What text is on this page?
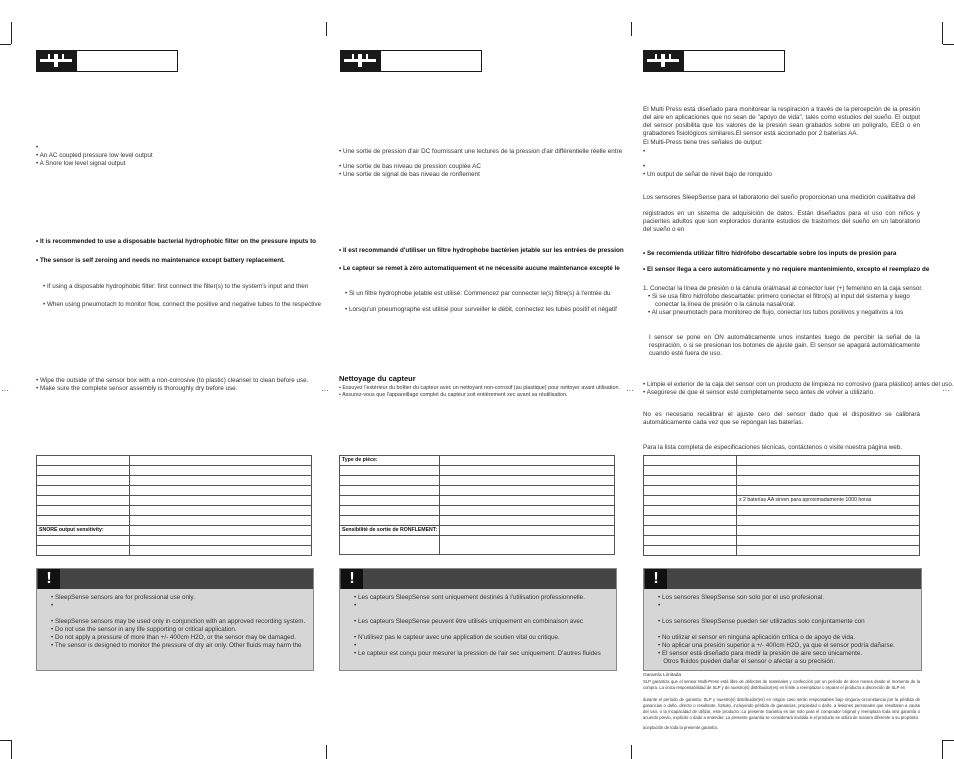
···	···
···	···
•
• An AC coupled pressure low level output
• A Snore low level signal output
• It is recommended to use a disposable bacterial hydrophobic filter on the pressure inputs to
• The sensor is self zeroing and needs no maintenance except battery replacement.
• If using a disposable hydrophobic filter: first connect the filter(s) to the system's input and then
• When using pneumotach to monitor flow, connect the positive and negative tubes to the respective
• Wipe the outside of the sensor box with a non-corrosive (to plastic) cleanser to clean before use.
• Make sure the complete sensor assembly is thoroughly dry before use.

SNORE output sensitivity:	

!
• SleepSense sensors are for professional use only.
•
• SleepSense sensors may be used only in conjunction with an approved recording system.
• Do not use the sensor in any life supporting or critical application.
• Do not apply a pressure of more than +/- 400cm H2O, or the sensor may be damaged.
• The sensor is designed to monitor the pressure of dry air only. Other fluids may harm the
• Une sortie de pression d'air DC fournissant une lectures de la pression d'air différentielle réelle entre
• Une sortie de bas niveau de pression couplée AC
• Une sortie de signal de bas niveau de ronflement
• Il est recommandé d'utiliser un filtre hydrophobe bactérien jetable sur les entrées de pression
• Le capteur se remet à zéro automatiquement et ne nécessite aucune maintenance excepté le
• Si un filtre hydrophobe jetable est utilisé: Commencez par connecter le(s) filtre(s) à l'entrée du
• Lorsqu'un pneumographe est utilisé pour surveiller le débit, connectez les tubes positif et négatif
Nettoyage du capteur
• Essuyez l'extérieur du boîtier du capteur avec un nettoyant non-corrosif (au plastique) pour nettoyer avant utilisation.
• Assurez-vous que l'appareillage complet du capteur soit entièrement sec avant sa réutilisation.
Type de pièce:	

Sensibilité de sortie de RONFLEMENT:	

!
• Les capteurs SleepSense sont uniquement destinés à l'utilisation professionnelle.
•
• Les capteurs SleepSense peuvent être utilisés uniquement en combinaison avec
• N'utilisez pas le capteur avec une application de soutien vital ou critique.
•
• Le capteur est conçu pour mesurer la pression de l'air sec uniquement. D'autres fluides
El Multi Press está diseñado para monitorear la respiración a través de la percepción de la presión del aire en aplicaciones que no sean de "apoyo de vida", tales como estudios del sueño. El output del sensor posibilita que los valores de la presión sean grabados sobre un polígrafo, EEG o en grabadores fisiológicos similares.El sensor está accionado por 2 baterías AA.
El Multi-Press tiene tres señales de output:
•
•
• Un output de señal de nivel bajo de ronquido
Los sensores SleepSense para el laboratorio del sueño proporcionan una medición cualitativa del
registrados en un sistema de adquisición de datos. Están diseñados para el uso con niños y pacientes adultos que son explorados durante estudios de trastornos del sueño en un laboratorio del sueño o en
• Se recomienda utilizar filtro hidrófobo descartable sobre los inputs de presión para
• El sensor llega a cero automáticamente y no requiere mantenimiento, excepto el reemplazo de
1. Conectar la línea de presión o la cánula oral/nasal al conector luer (+) femenino en la caja sensor.
• Si se usa filtro hidrófobo descartable: primero conectar el filtro(s) al input del sistema y luego
conectar la línea de presión o la cánula nasal/oral.
• Al usar pneumotach para monitoreo de flujo, conectar los tubos positivos y negativos a los
I sensor se pone en ON automáticamente unos instantes luego de percibir la señal de la respiración, o si se presionan los botones de ajuste gain. El sensor se apagará automáticamente cuando esté fuera de uso.
• Limpie el exterior de la caja del sensor con un producto de limpieza no corrosivo (para plástico) antes del uso.
• Asegúrese de que el sensor esté completamente seco antes de volver a utilizarlo.
No es necesario recalibrar el ajuste cero del sensor dado que el dispositivo se calibrará automáticamente cada vez que se repongan las baterías.
Para la lista completa de especificaciones técnicas, contáctenos o visite nuestra página web.

	x 2 baterías AA sirven para aproximadamente 1000 horas

!
• Los sensores SleepSense son solo por el uso profesional.
•
• Los sensores SleepSense pueden ser utilizados solo conjuntamente con
• No utilizar el sensor en ninguna aplicación crítica o de apoyo de vida.
• No aplicar una presión superior a +/- 400cm H2O, ya que el sensor podría dañarse.
• El sensor está diseñado para medir la presión de aire seco únicamente.
Otros fluidos pueden dañar el sensor o afectar a su precisión.
Garantía Limitada
SLP garantiza que el sensor Multi-Press está libre de defectos de materiales y confección por un período de doce meses desde el momento de la compra. La única responsabilidad de SLP y de nuestro(s) distribuidor(es) en límite a reemplazar o reparar el producto a discreción de SLP en
durante el período de garantía. SLP y nuestro(s) distribuidor(es) en ningún caso serán responsables bajo ninguna circunstancia por la pérdida de ganancias o daño, directo o resultante, fortuito, incluyendo pérdida de ganancias, propiedad o daño, a lesiones personales que resultaren a causa del uso, o la incapacidad de utilizar, este producto. La presente Garantía es tan solo para el comprador original y reemplaza toda otra garantía o acuerdo previo, explícito o dado a entender. La presente garantía se considerará inválida si el producto se utiliza de manera diferente a su propósito
aceptación de toda la presente garantía.
